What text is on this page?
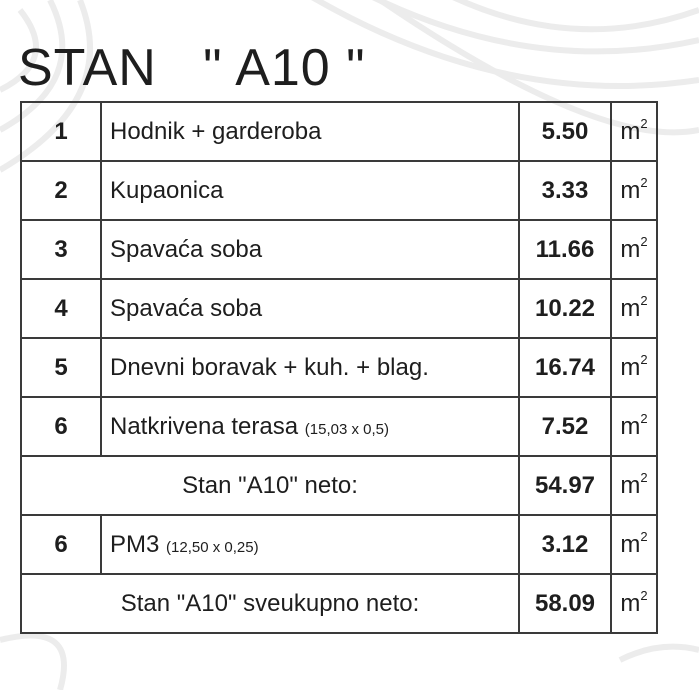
STAN   " A10 "
1	Hodnik + garderoba	5.50	$m^2$
2	Kupaonica	3.33	$m^2$
3	Spavaća soba	11.66	$m^2$
4	Spavaća soba	10.22	$m^2$
5	Dnevni boravak + kuh. + blag.	16.74	$m^2$
6	Natkrivena terasa (15,03 x 0,5)	7.52	$m^2$
Stan "A10" neto:		54.97	$m^2$
6	PM3 (12,50 x 0,25)	3.12	$m^2$
Stan "A10" sveukupno neto:		58.09	$m^2$
